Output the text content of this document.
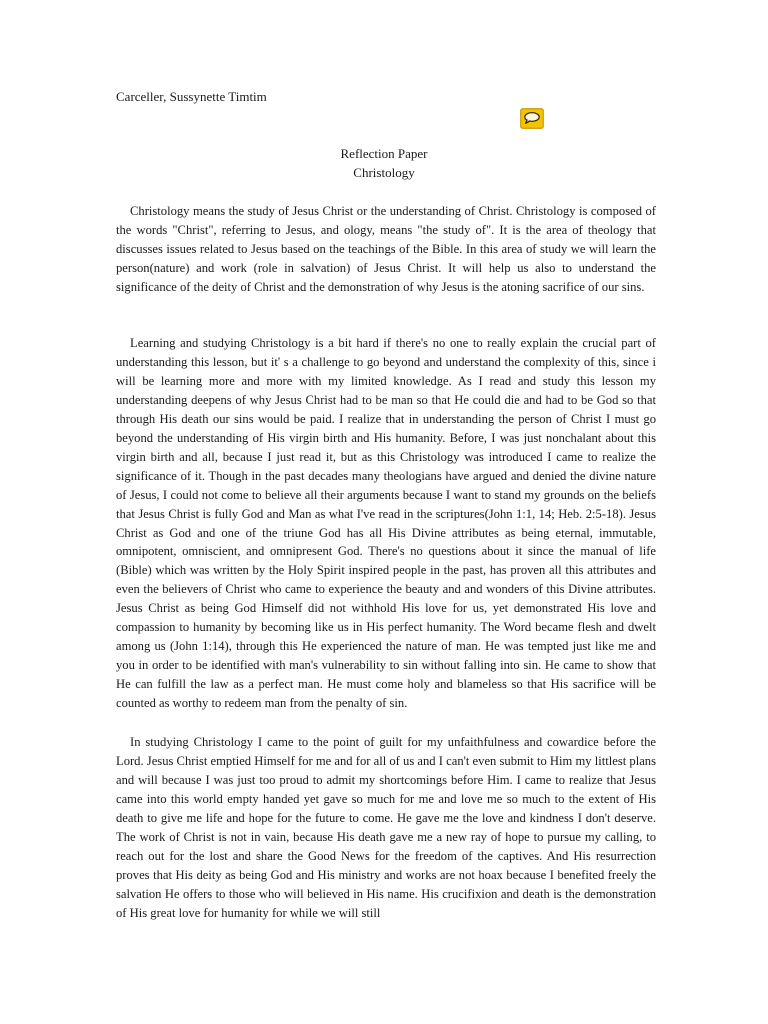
Carceller, Sussynette Timtim
Reflection Paper
Christology

Christology means the study of Jesus Christ or the understanding of Christ. Christology is composed of the words "Christ", referring to Jesus, and ology, means "the study of". It is the area of theology that discusses issues related to Jesus based on the teachings of the Bible. In this area of study we will learn the person(nature) and work (role in salvation) of Jesus Christ. It will help us also to understand the significance of the deity of Christ and the demonstration of why Jesus is the atoning sacrifice of our sins.

Learning and studying Christology is a bit hard if there's no one to really explain the crucial part of understanding this lesson, but it' s a challenge to go beyond and understand the complexity of this, since i will be learning more and more with my limited knowledge. As I read and study this lesson my understanding deepens of why Jesus Christ had to be man so that He could die and had to be God so that through His death our sins would be paid. I realize that in understanding the person of Christ I must go beyond the understanding of His virgin birth and His humanity. Before, I was just nonchalant about this virgin birth and all, because I just read it, but as this Christology was introduced I came to realize the significance of it. Though in the past decades many theologians have argued and denied the divine nature of Jesus, I could not come to believe all their arguments because I want to stand my grounds on the beliefs that Jesus Christ is fully God and Man as what I've read in the scriptures(John 1:1, 14; Heb. 2:5-18). Jesus Christ as God and one of the triune God has all His Divine attributes as being eternal, immutable, omnipotent, omniscient, and omnipresent God. There's no questions about it since the manual of life (Bible) which was written by the Holy Spirit inspired people in the past, has proven all this attributes and even the believers of Christ who came to experience the beauty and and wonders of this Divine attributes. Jesus Christ as being God Himself did not withhold His love for us, yet demonstrated His love and compassion to humanity by becoming like us in His perfect humanity. The Word became flesh and dwelt among us (John 1:14), through this He experienced the nature of man. He was tempted just like me and you in order to be identified with man's vulnerability to sin without falling into sin. He came to show that He can fulfill the law as a perfect man. He must come holy and blameless so that His sacrifice will be counted as worthy to redeem man from the penalty of sin.

In studying Christology I came to the point of guilt for my unfaithfulness and cowardice before the Lord. Jesus Christ emptied Himself for me and for all of us and I can't even submit to Him my littlest plans and will because I was just too proud to admit my shortcomings before Him. I came to realize that Jesus came into this world empty handed yet gave so much for me and love me so much to the extent of His death to give me life and hope for the future to come. He gave me the love and kindness I don't deserve. The work of Christ is not in vain, because His death gave me a new ray of hope to pursue my calling, to reach out for the lost and share the Good News for the freedom of the captives. And His resurrection proves that His deity as being God and His ministry and works are not hoax because I benefited freely the salvation He offers to those who will believed in His name. His crucifixion and death is the demonstration of His great love for humanity for while we will still
